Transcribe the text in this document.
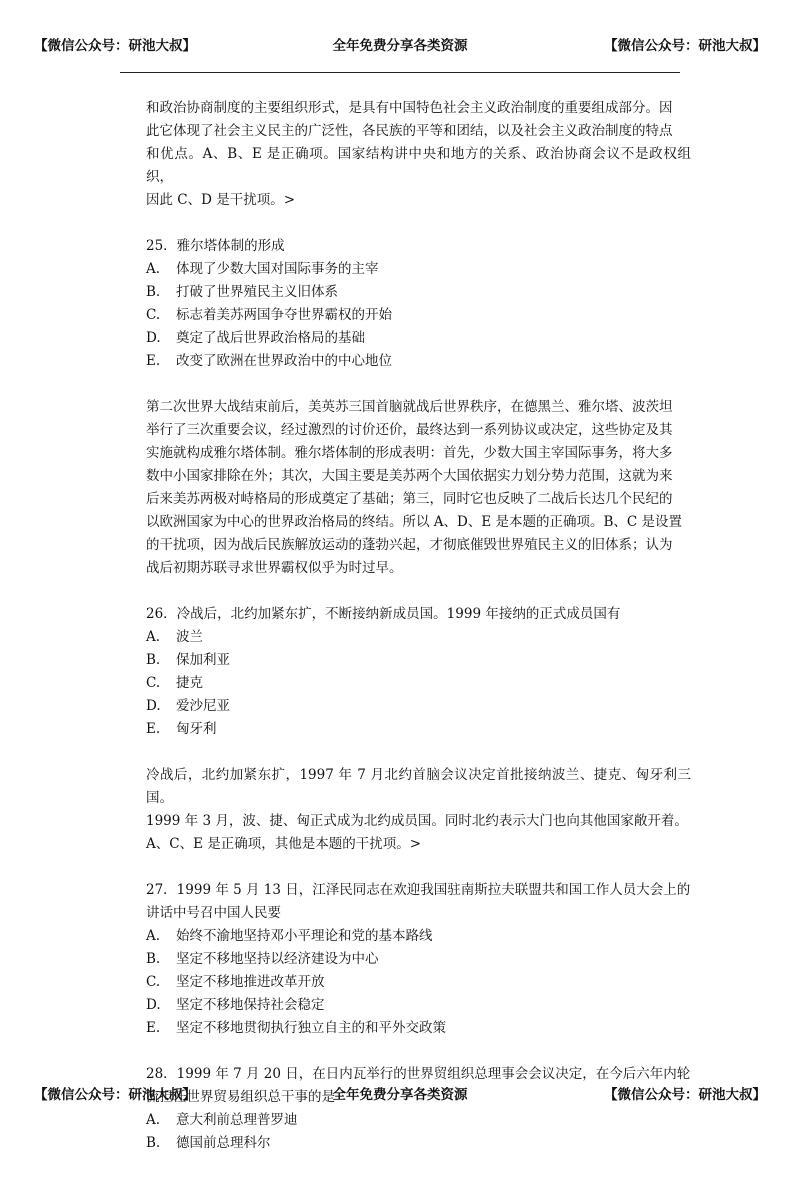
【微信公众号：研池大叔】	全年免费分享各类资源	【微信公众号：研池大叔】

和政治协商制度的主要组织形式，是具有中国特色社会主义政治制度的重要组成部分。因

此它体现了社会主义民主的广泛性，各民族的平等和团结，以及社会主义政治制度的特点

和优点。A、B、E 是正确项。国家结构讲中央和地方的关系、政治协商会议不是政权组织，

因此 C、D 是干扰项。>

25．雅尔塔体制的形成

A. 体现了少数大国对国际事务的主宰
B. 打破了世界殖民主义旧体系
C. 标志着美苏两国争夺世界霸权的开始
D. 奠定了战后世界政治格局的基础
E. 改变了欧洲在世界政治中的中心地位

第二次世界大战结束前后，美英苏三国首脑就战后世界秩序，在德黑兰、雅尔塔、波茨坦

举行了三次重要会议，经过激烈的讨价还价，最终达到一系列协议或决定，这些协定及其

实施就构成雅尔塔体制。雅尔塔体制的形成表明：首先，少数大国主宰国际事务，将大多

数中小国家排除在外；其次，大国主要是美苏两个大国依据实力划分势力范围，这就为来

后来美苏两极对峙格局的形成奠定了基础；第三，同时它也反映了二战后长达几个民纪的

以欧洲国家为中心的世界政治格局的终结。所以 A、D、E 是本题的正确项。B、C 是设置

的干扰项，因为战后民族解放运动的蓬勃兴起，才彻底催毁世界殖民主义的旧体系；认为

战后初期苏联寻求世界霸权似乎为时过早。

26．冷战后，北约加紧东扩，不断接纳新成员国。1999 年接纳的正式成员国有

A. 波兰
B. 保加利亚
C. 捷克
D. 爱沙尼亚
E. 匈牙利

冷战后，北约加紧东扩，1997 年 7 月北约首脑会议决定首批接纳波兰、捷克、匈牙利三国。

1999 年 3 月，波、捷、匈正式成为北约成员国。同时北约表示大门也向其他国家敞开着。

A、C、E 是正确项，其他是本题的干扰项。>

27．1999 年 5 月 13 日，江泽民同志在欢迎我国驻南斯拉夫联盟共和国工作人员大会上的

讲话中号召中国人民要

A. 始终不渝地坚持邓小平理论和党的基本路线
B. 坚定不移地坚持以经济建设为中心
C. 坚定不移地推进改革开放
D. 坚定不移地保持社会稳定
E. 坚定不移地贯彻执行独立自主的和平外交政策

28．1999 年 7 月 20 日，在日内瓦举行的世界贸组织总理事会会议决定，在今后六年内轮

流担任世界贸易组织总干事的是

A. 意大利前总理普罗迪
B. 德国前总理科尔
【微信公众号：研池大叔】	全年免费分享各类资源	【微信公众号：研池大叔】
